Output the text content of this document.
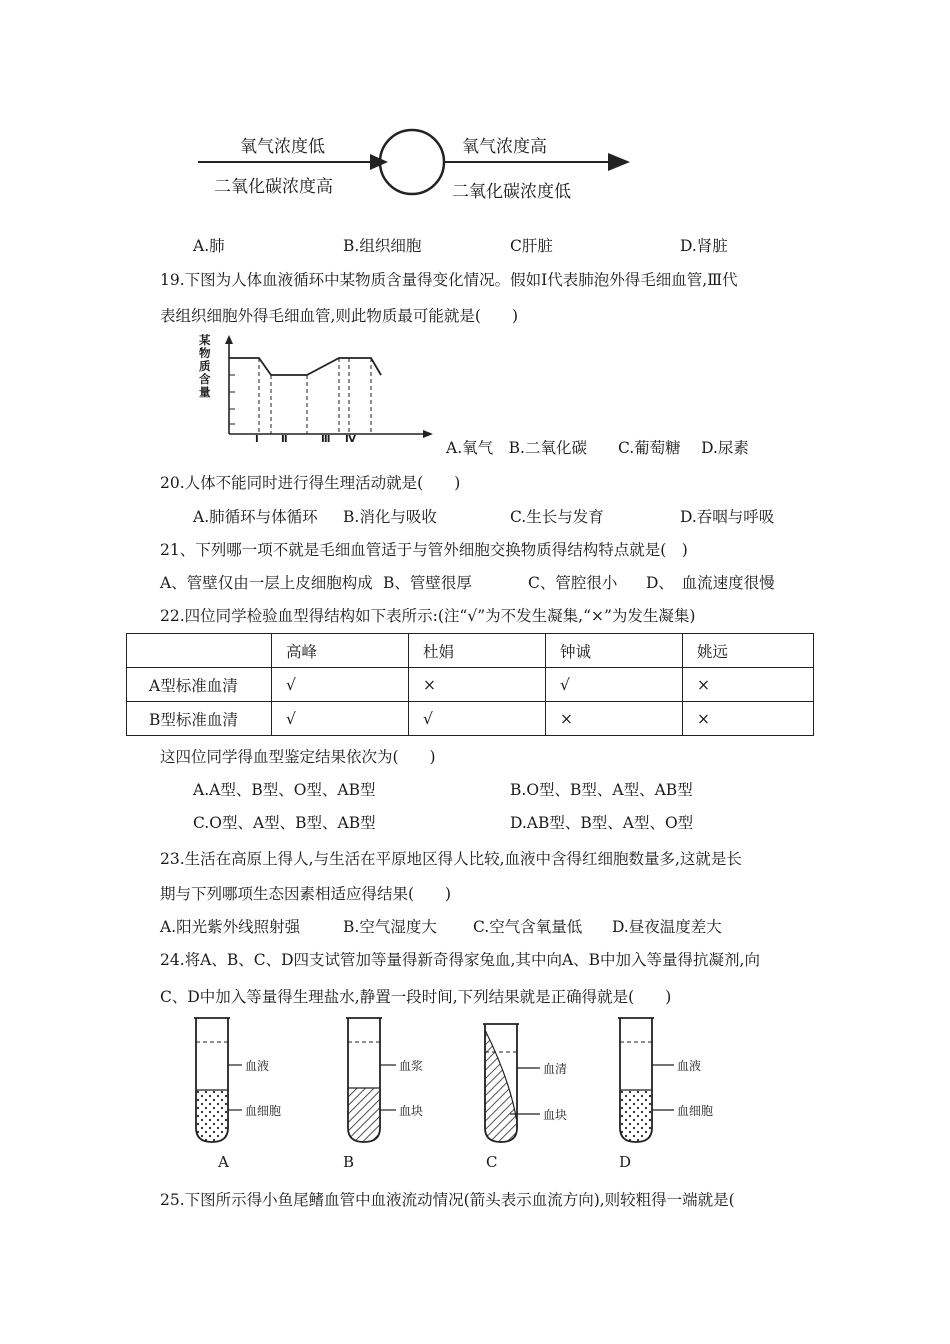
氧气浓度低
二氧化碳浓度高
氧气浓度高
二氧化碳浓度低
A.肺	B.组织细胞	C肝脏	D.肾脏
19.下图为人体血液循环中某物质含量得变化情况。假如Ⅰ代表肺泡外得毛细血管,Ⅲ代
表组织细胞外得毛细血管,则此物质最可能就是(　　)
某物质含量
Ⅰ Ⅱ	Ⅲ Ⅳ	A.氧气　B.二氧化碳　　C.葡萄糖　 D.尿素
20.人体不能同时进行得生理活动就是(　　)
A.肺循环与体循环 B.消化与吸收	C.生长与发育	D.吞咽与呼吸
21、下列哪一项不就是毛细血管适于与管外细胞交换物质得结构特点就是(　)
A、管壁仅由一层上皮细胞构成 B、管壁很厚	C、管腔很小 D、　血流速度很慢
22.四位同学检验血型得结构如下表所示:(注“√”为不发生凝集,“×”为发生凝集)
	高峰	杜娟	钟诚	姚远
A型标准血清	√	×	√	×
B型标准血清	√	√	×	×
这四位同学得血型鉴定结果依次为(　　)
A.A型、B型、O型、AB型	B.O型、B型、A型、AB型
C.O型、A型、B型、AB型	D.AB型、B型、A型、O型
23.生活在高原上得人,与生活在平原地区得人比较,血液中含得红细胞数量多,这就是长
期与下列哪项生态因素相适应得结果(　　)
A.阳光紫外线照射强	B.空气湿度大 C.空气含氧量低 D.昼夜温度差大
24.将A、B、C、D四支试管加等量得新奇得家兔血,其中向A、B中加入等量得抗凝剂,向
C、D中加入等量得生理盐水,静置一段时间,下列结果就是正确得就是(　　)
血液
血细胞
血浆
血块
血清
血块
血液
血细胞
A	B	C	D
25.下图所示得小鱼尾鳍血管中血液流动情况(箭头表示血流方向),则较粗得一端就是(
